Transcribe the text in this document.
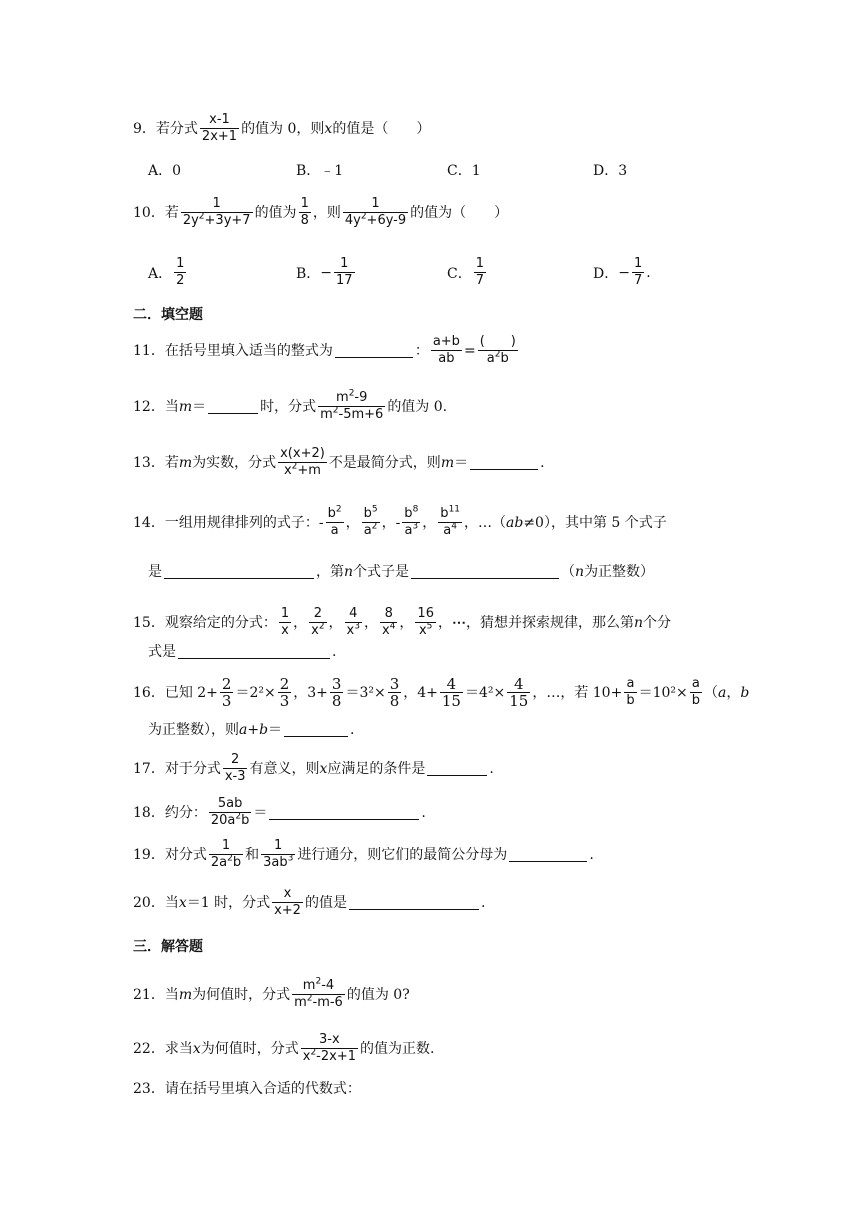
9． 若分式
x-1
2x+1 的值为 0，则 x 的值是（　　）
A．0	B．﹣1	C．1	D．3
10． 若
1
$2y^2+3y+7$ 的值为
1
8 ，则
1
$4y^2+6y-9$ 的值为（　　）
A．
1
2	B． −
1
17	C．
1
7	D． −
1
7 .
二．填空题
11． 在括号里填入适当的整式为	：
a+b
ab =
(　　)
$a^2b$
12． 当 m ＝	时，分式
$m^2-9$
$m^2-5m+6$ 的值为 0.
13． 若 m 为实数，分式
x(x+2)
$x^2+m$ 不是最简分式，则 m ＝	.
14． 一组用规律排列的式子： -
$b^2$
a ，
$b^5$
$a^2$ ， -
$b^8$
$a^3$ ，
$b^{11}$
$a^4$ ，…（ ab ≠0），其中第 5 个式子
是	，第 n 个式子是	（ n 为正整数）
15． 观察给定的分式：
1
x ，
2
$x^2$ ，
4
$x^3$ ，
8
$x^4$ ，
16
$x^5$ ， ⋯ ，猜想并探索规律，那么第 n 个分
式是	.
16． 已知 2+ 2
3 ＝2²× 2
3 ，3+ 3
8 ＝3²× 3
8 ，4+ 4
15 ＝4²× 4
15 ，…，若 10+
a
b ＝10²×
a
b （ a ， b
为正整数），则 a+b ＝	.
17． 对于分式
2
x-3 有意义，则 x 应满足的条件是	.
18． 约分：
5ab
$20a^2b$ ＝	.
19． 对分式
1
$2a^2b$ 和
1
$3ab^3$ 进行通分，则它们的最简公分母为	.
20． 当 x ＝1 时，分式
x
x+2 的值是	.
三．解答题
21． 当 m 为何值时，分式
$m^2-4$
$m^2-m-6$ 的值为 0?
22． 求当 x 为何值时，分式
3-x
$x^2-2x+1$ 的值为正数.
23． 请在括号里填入合适的代数式：
